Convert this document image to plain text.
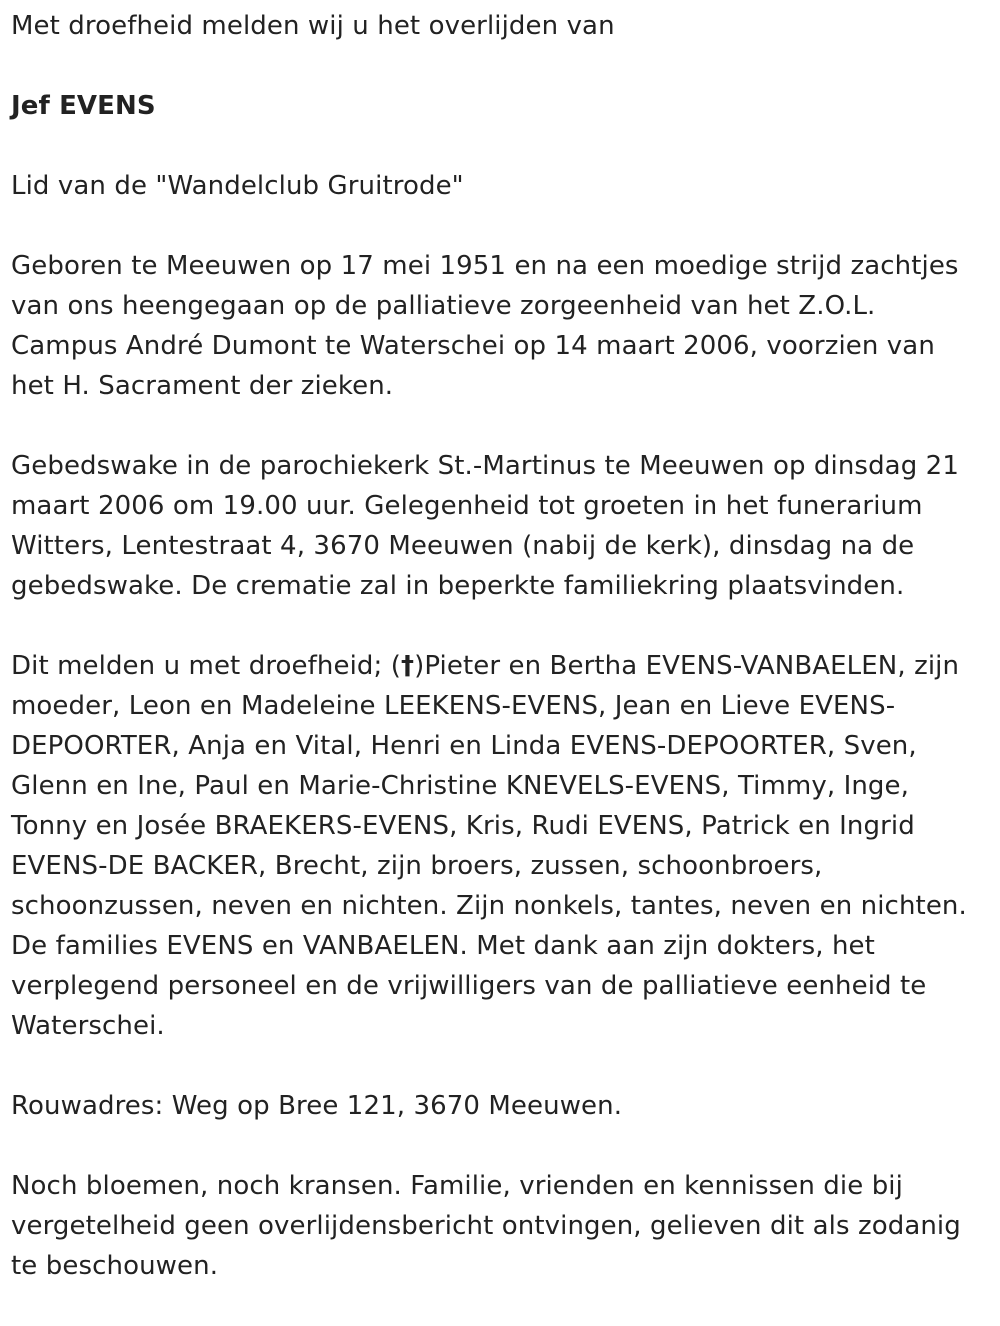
Met droefheid melden wij u het overlijden van

Jef EVENS

Lid van de "Wandelclub Gruitrode"

Geboren te Meeuwen op 17 mei 1951 en na een moedige strijd zachtjes

van ons heengegaan op de palliatieve zorgeenheid van het Z.O.L.

Campus André Dumont te Waterschei op 14 maart 2006, voorzien van

het H. Sacrament der zieken.

Gebedswake in de parochiekerk St.-Martinus te Meeuwen op dinsdag 21

maart 2006 om 19.00 uur. Gelegenheid tot groeten in het funerarium

Witters, Lentestraat 4, 3670 Meeuwen (nabij de kerk), dinsdag na de

gebedswake. De crematie zal in beperkte familiekring plaatsvinden.

Dit melden u met droefheid; (†)Pieter en Bertha EVENS-VANBAELEN, zijn

moeder, Leon en Madeleine LEEKENS-EVENS, Jean en Lieve EVENS-

DEPOORTER, Anja en Vital, Henri en Linda EVENS-DEPOORTER, Sven,

Glenn en Ine, Paul en Marie-Christine KNEVELS-EVENS, Timmy, Inge,

Tonny en Josée BRAEKERS-EVENS, Kris, Rudi EVENS, Patrick en Ingrid

EVENS-DE BACKER, Brecht, zijn broers, zussen, schoonbroers,

schoonzussen, neven en nichten. Zijn nonkels, tantes, neven en nichten.

De families EVENS en VANBAELEN. Met dank aan zijn dokters, het

verplegend personeel en de vrijwilligers van de palliatieve eenheid te

Waterschei.

Rouwadres: Weg op Bree 121, 3670 Meeuwen.

Noch bloemen, noch kransen. Familie, vrienden en kennissen die bij

vergetelheid geen overlijdensbericht ontvingen, gelieven dit als zodanig

te beschouwen.
